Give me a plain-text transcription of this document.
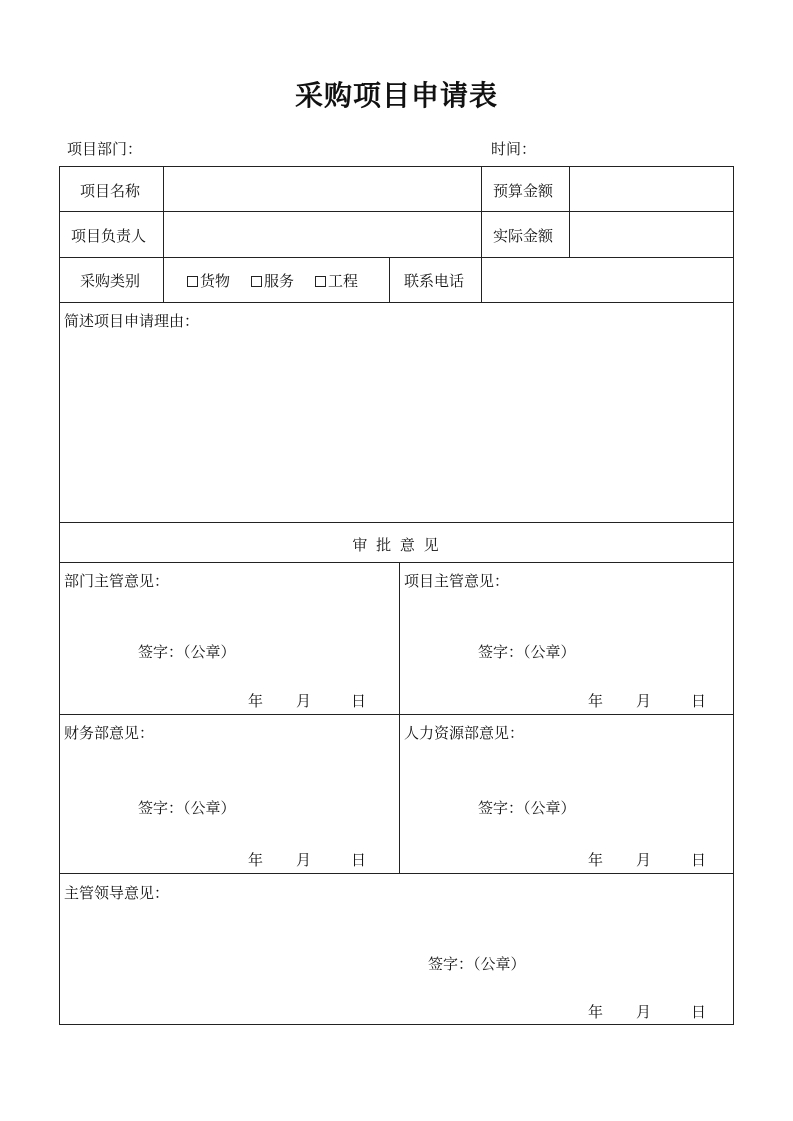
采购项目申请表
项目部门：	时间：
项目名称	预算金额
项目负责人	实际金额
采购类别	货物	服务	工程	联系电话
简述项目申请理由：
审 批 意 见
部门主管意见：
签字：（公章）
年 月	日
项目主管意见：
签字：（公章）
年 月	日
财务部意见：
签字：（公章）
年 月	日
人力资源部意见：
签字：（公章）
年 月	日
主管领导意见：
签字：（公章）
年 月	日
